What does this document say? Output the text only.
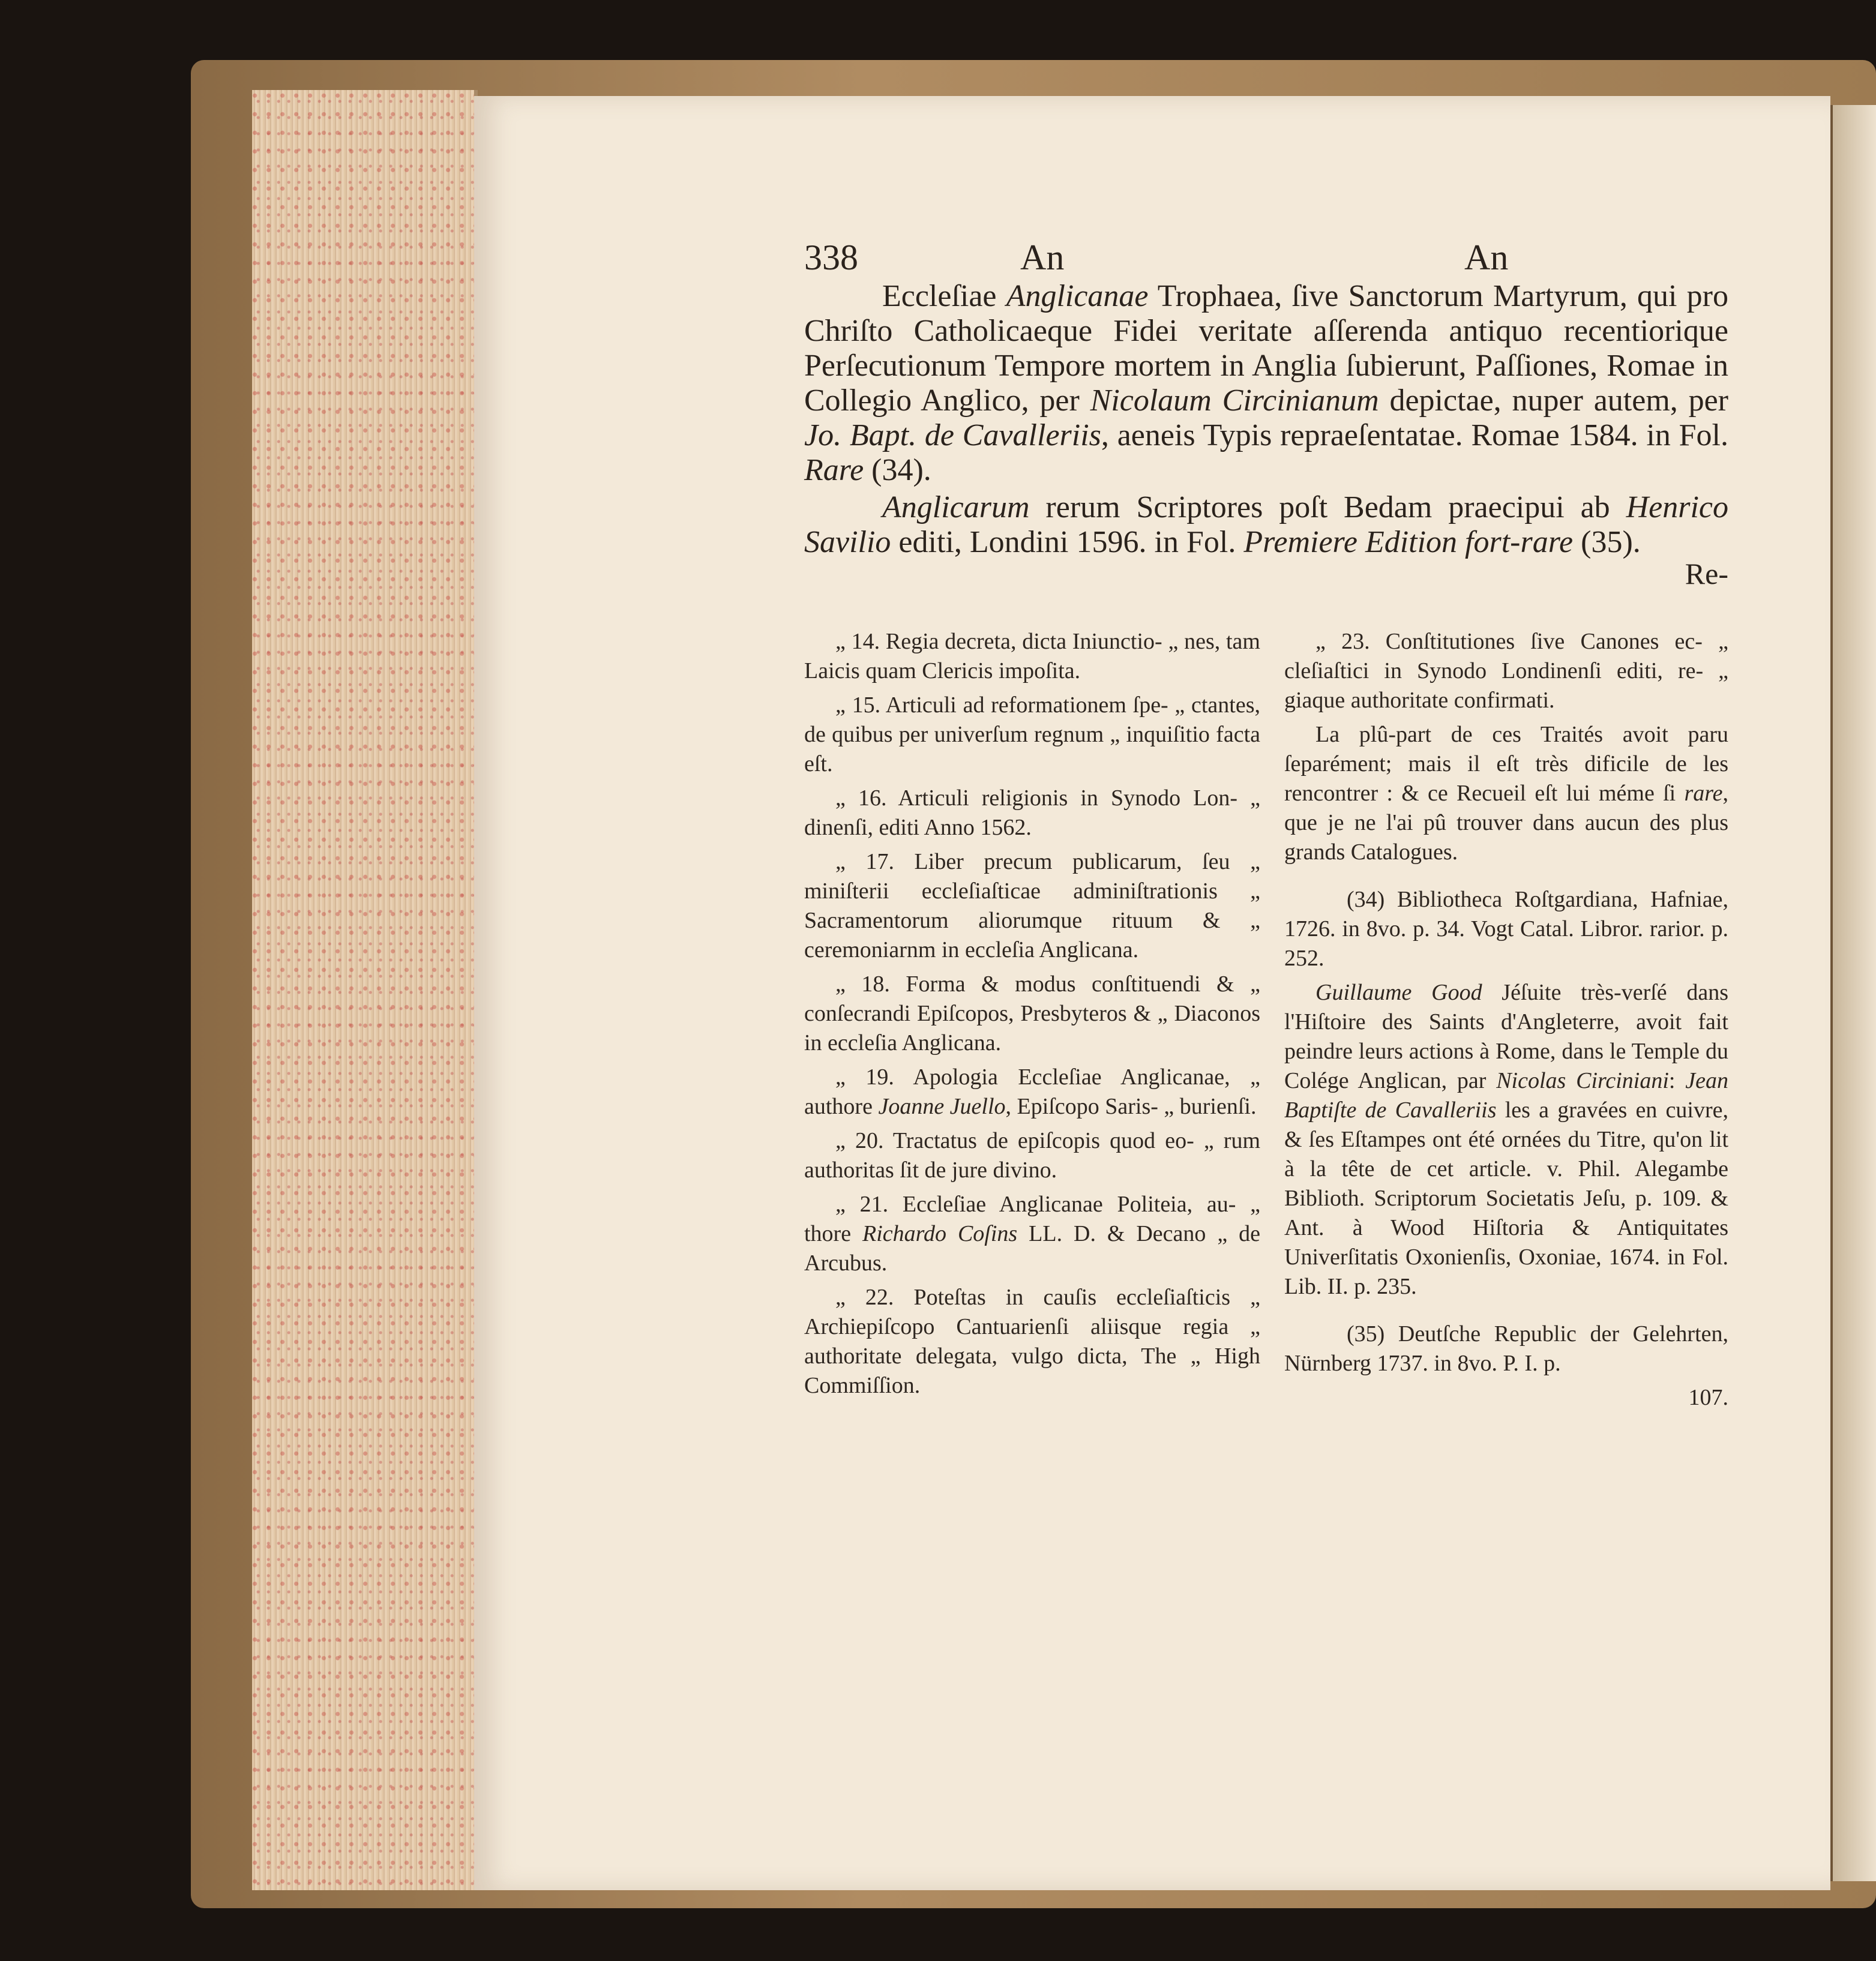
338	An	An

Eccleſiae Anglicanae Trophaea, ſive Sanctorum Martyrum, qui pro Chriſto Catholicaeque Fidei veritate aſſerenda antiquo recentiorique Perſecutionum Tempore mortem in Anglia ſubierunt, Paſſiones, Romae in Collegio Anglico, per Nicolaum Circinianum depictae, nuper autem, per Jo. Bapt. de Cavalleriis, aeneis Typis repraeſentatae. Romae 1584. in Fol. Rare (34).

Anglicarum rerum Scriptores poſt Bedam praecipui ab Henrico Savilio editi, Londini 1596. in Fol. Premiere Edition fort-rare (35).

Re-

„ 14. Regia decreta, dicta Iniunctio- „ nes, tam Laicis quam Clericis impoſita.

„ 15. Articuli ad reformationem ſpe- „ ctantes, de quibus per univerſum regnum „ inquiſitio facta eſt.

„ 16. Articuli religionis in Synodo Lon- „ dinenſi, editi Anno 1562.

„ 17. Liber precum publicarum, ſeu „ miniſterii eccleſiaſticae adminiſtrationis „ Sacramentorum aliorumque rituum & „ ceremoniarnm in eccleſia Anglicana.

„ 18. Forma & modus conſtituendi & „ conſecrandi Epiſcopos, Presbyteros & „ Diaconos in eccleſia Anglicana.

„ 19. Apologia Eccleſiae Anglicanae, „ authore Joanne Juello, Epiſcopo Saris- „ burienſi.

„ 20. Tractatus de epiſcopis quod eo- „ rum authoritas ſit de jure divino.

„ 21. Eccleſiae Anglicanae Politeia, au- „ thore Richardo Coſins LL. D. & Decano „ de Arcubus.

„ 22. Poteſtas in cauſis eccleſiaſticis „ Archiepiſcopo Cantuarienſi aliisque regia „ authoritate delegata, vulgo dicta, The „ High Commiſſion.

„ 23. Conſtitutiones ſive Canones ec- „ cleſiaſtici in Synodo Londinenſi editi, re- „ giaque authoritate confirmati.

La plû-part de ces Traités avoit paru ſeparément; mais il eſt très dificile de les rencontrer : & ce Recueil eſt lui méme ſi rare, que je ne l'ai pû trouver dans aucun des plus grands Catalogues.

(34) Bibliotheca Roſtgardiana, Hafniae, 1726. in 8vo. p. 34. Vogt Catal. Libror. rarior. p. 252.

Guillaume Good Jéſuite très-verſé dans l'Hiſtoire des Saints d'Angleterre, avoit fait peindre leurs actions à Rome, dans le Temple du Colége Anglican, par Nicolas Circiniani: Jean Baptiſte de Cavalleriis les a gravées en cuivre, & ſes Eſtampes ont été ornées du Titre, qu'on lit à la tête de cet article. v. Phil. Alegambe Biblioth. Scriptorum Societatis Jeſu, p. 109. & Ant. à Wood Hiſtoria & Antiquitates Univerſitatis Oxonienſis, Oxoniae, 1674. in Fol. Lib. II. p. 235.

(35) Deutſche Republic der Gelehrten, Nürnberg 1737. in 8vo. P. I. p.

107.
